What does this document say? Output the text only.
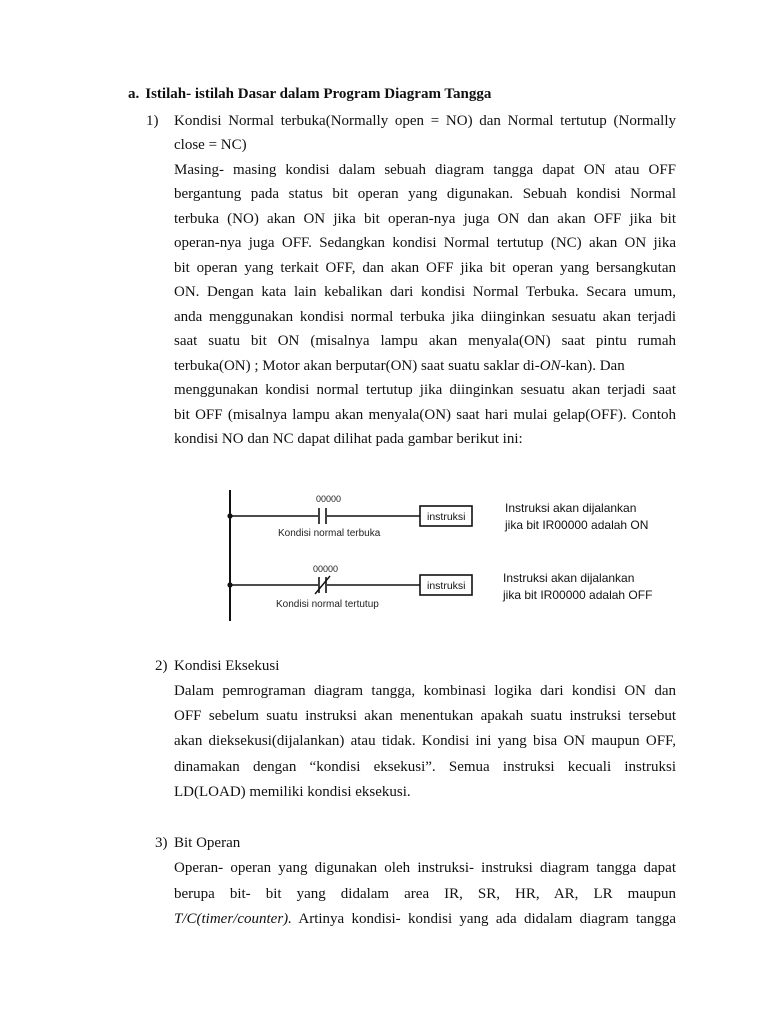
a. Istilah- istilah Dasar dalam Program Diagram Tangga
1) Kondisi Normal terbuka(Normally open = NO) dan Normal tertutup (Normally
close = NC)
Masing- masing kondisi dalam sebuah diagram tangga dapat ON atau OFF
bergantung pada status bit operan yang digunakan. Sebuah kondisi Normal
terbuka (NO) akan ON jika bit operan-nya juga ON dan akan OFF jika bit
operan-nya juga OFF. Sedangkan kondisi Normal tertutup (NC) akan ON jika
bit operan yang terkait OFF, dan akan OFF jika bit operan yang bersangkutan
ON. Dengan kata lain kebalikan dari kondisi Normal Terbuka. Secara umum,
anda menggunakan kondisi normal terbuka jika diinginkan sesuatu akan terjadi
saat suatu bit ON (misalnya lampu akan menyala(ON) saat pintu rumah
terbuka(ON) ; Motor akan berputar(ON) saat suatu saklar di-ON-kan). Dan
menggunakan kondisi normal tertutup jika diinginkan sesuatu akan terjadi saat
bit OFF (misalnya lampu akan menyala(ON) saat hari mulai gelap(OFF). Contoh
kondisi NO dan NC dapat dilihat pada gambar berikut ini:
00000
Kondisi normal terbuka
instruksi
Instruksi akan dijalankan
jika bit IR00000 adalah ON
00000
Kondisi normal tertutup
instruksi
Instruksi akan dijalankan
jika bit IR00000 adalah OFF
2) Kondisi Eksekusi
Dalam pemrograman diagram tangga, kombinasi logika dari kondisi ON dan
OFF sebelum suatu instruksi akan menentukan apakah suatu instruksi tersebut
akan dieksekusi(dijalankan) atau tidak. Kondisi ini yang bisa ON maupun OFF,
dinamakan dengan “kondisi eksekusi”. Semua instruksi kecuali instruksi
LD(LOAD) memiliki kondisi eksekusi.
3) Bit Operan
Operan- operan yang digunakan oleh instruksi- instruksi diagram tangga dapat
berupa bit- bit yang didalam area IR, SR, HR, AR, LR maupun
T/C(timer/counter). Artinya kondisi- kondisi yang ada didalam diagram tangga
